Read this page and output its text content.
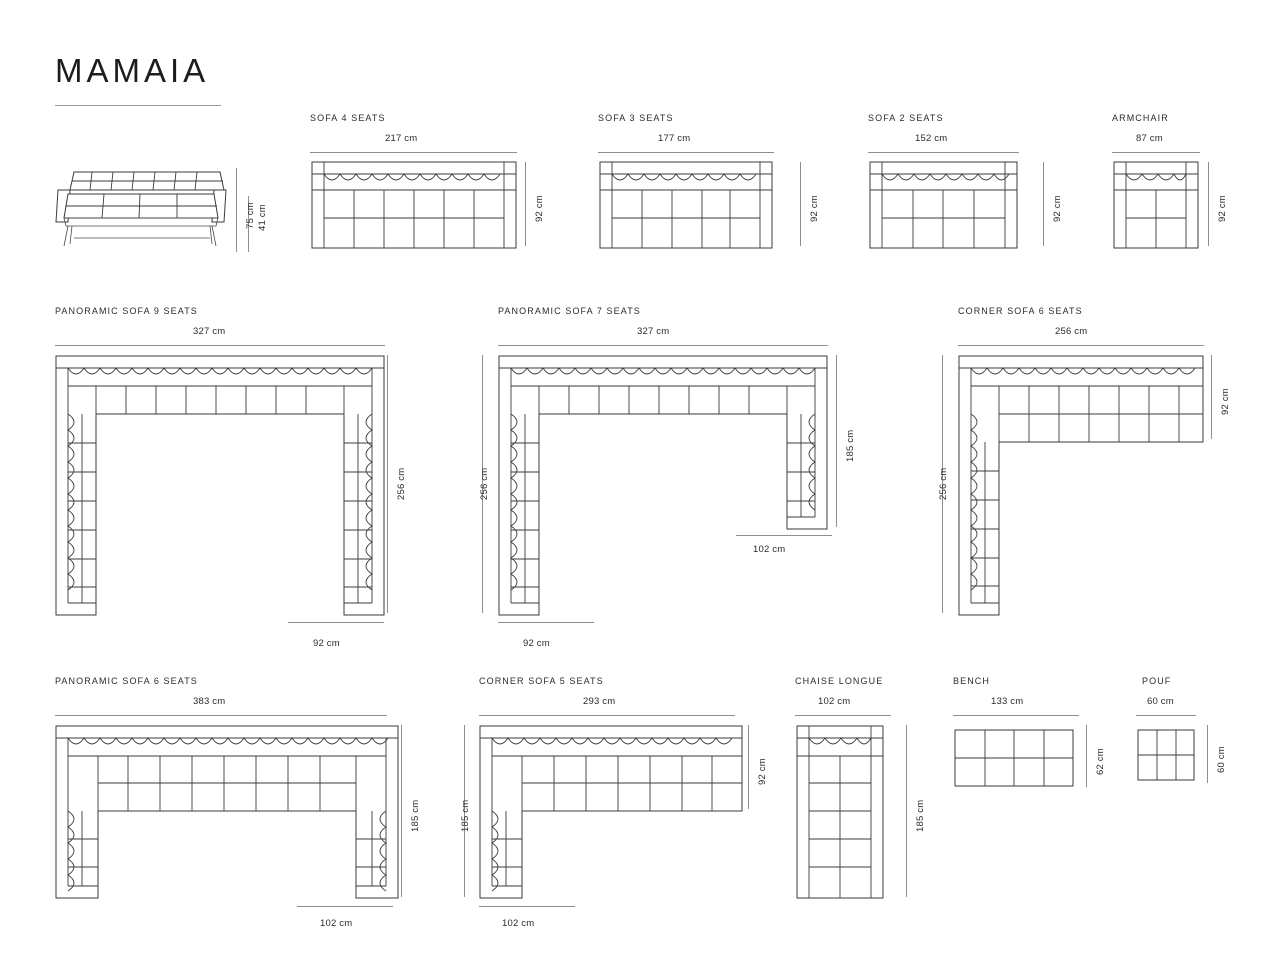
MAMAIA
75 cm 41 cm
SOFA 4 SEATS
217 cm
92 cm
SOFA 3 SEATS
177 cm
92 cm
SOFA 2 SEATS
152 cm
92 cm
ARMCHAIR
87 cm
92 cm
PANORAMIC SOFA 9 SEATS
327 cm
256 cm
92 cm
PANORAMIC SOFA 7 SEATS
327 cm
256 cm
185 cm
102 cm
92 cm
CORNER SOFA 6 SEATS
256 cm
92 cm
256 cm
PANORAMIC SOFA 6 SEATS
383 cm
185 cm
102 cm
CORNER SOFA 5 SEATS
293 cm
92 cm
185 cm
102 cm
CHAISE LONGUE
102 cm
185 cm
BENCH
133 cm
62 cm
POUF
60 cm
60 cm
